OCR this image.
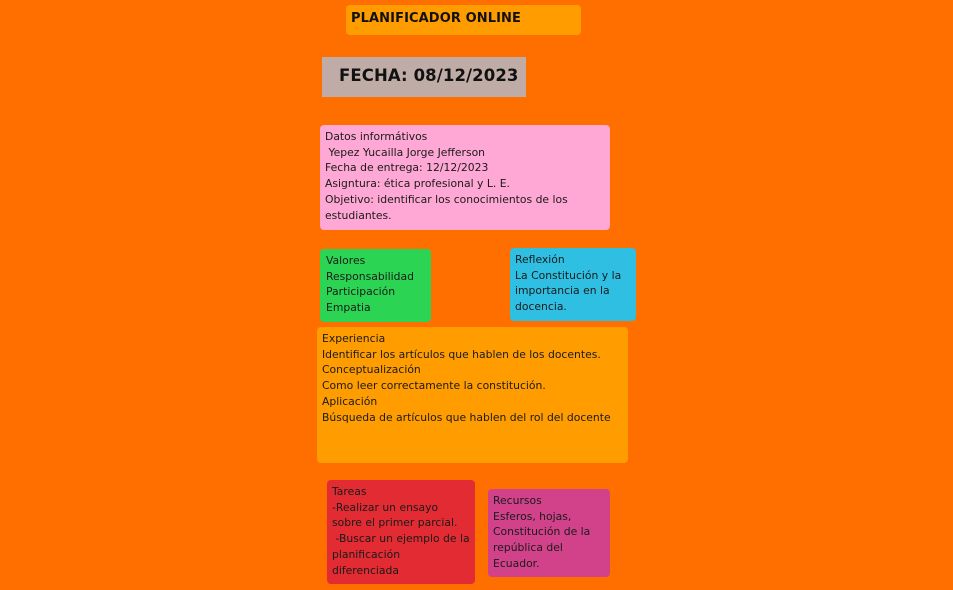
PLANIFICADOR ONLINE
FECHA: 08/12/2023
Datos informátivos
Yepez Yucailla Jorge Jefferson
Fecha de entrega: 12/12/2023
Asigntura: ética profesional y L. E.
Objetivo: identificar los conocimientos de los estudiantes.
Valores
Responsabilidad
Participación
Empatia
Reflexión
La Constitución y la importancia en la docencia.
Experiencia
Identificar los artículos que hablen de los docentes. Conceptualización
Como leer correctamente la constitución.
Aplicación
Búsqueda de artículos que hablen del rol del docente
Tareas
-Realizar un ensayo sobre el primer parcial.
-Buscar un ejemplo de la planificación diferenciada
Recursos
Esferos, hojas, Constitución de la república del Ecuador.
